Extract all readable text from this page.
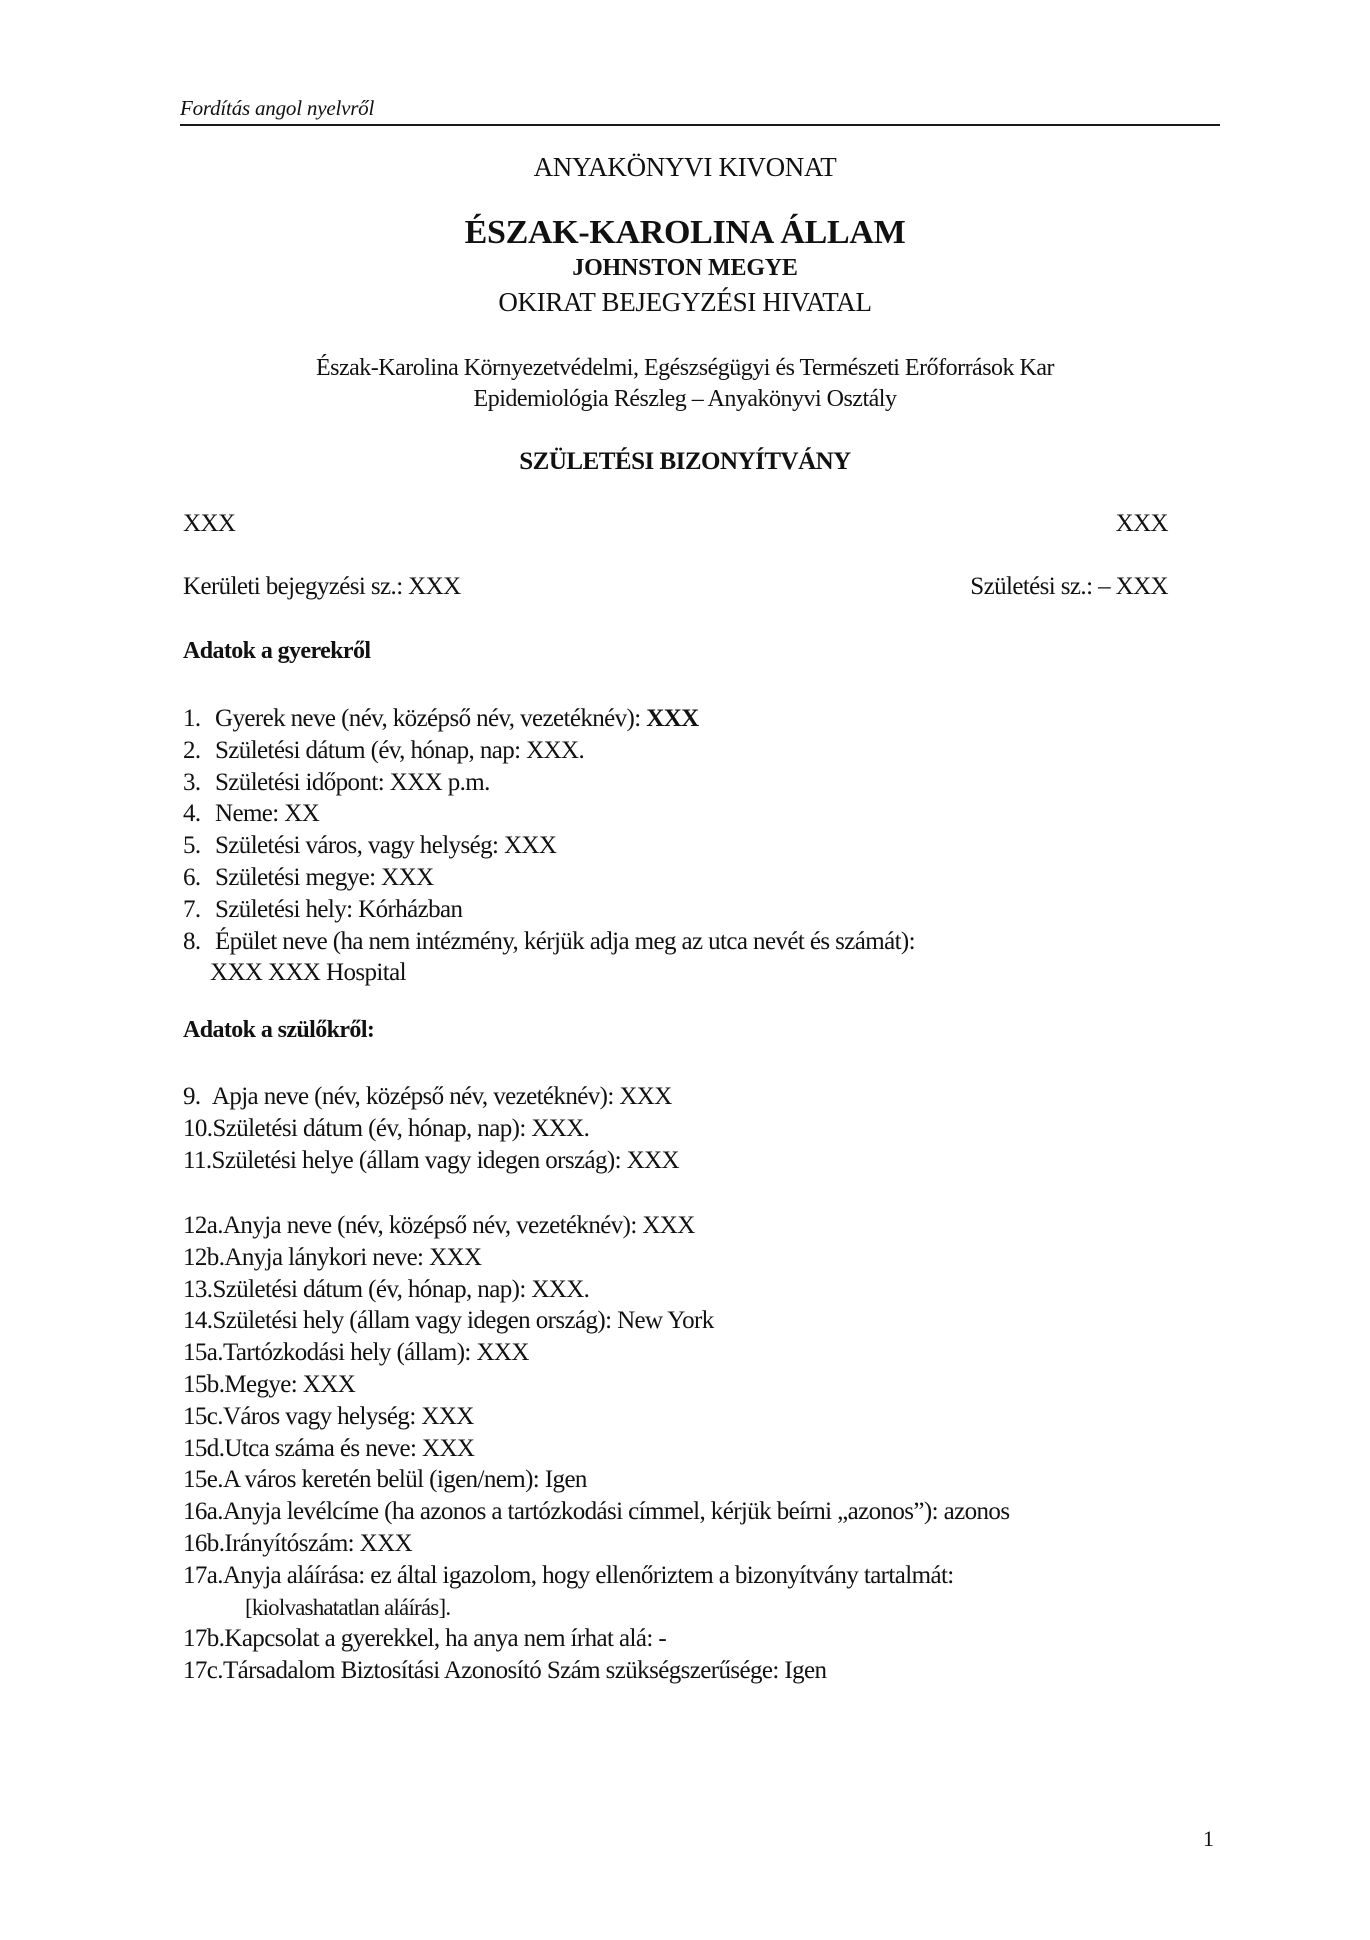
Fordítás angol nyelvről
ANYAKÖNYVI KIVONAT
ÉSZAK-KAROLINA ÁLLAM
JOHNSTON MEGYE
OKIRAT BEJEGYZÉSI HIVATAL
Észak-Karolina Környezetvédelmi, Egészségügyi és Természeti Erőforrások Kar
Epidemiológia Részleg – Anyakönyvi Osztály
SZÜLETÉSI BIZONYÍTVÁNY
XXX	XXX
Kerületi bejegyzési sz.: XXX	Születési sz.: – XXX
Adatok a gyerekről
1. Gyerek neve (név, középső név, vezetéknév): XXX
2. Születési dátum (év, hónap, nap: XXX.
3. Születési időpont: XXX p.m.
4. Neme: XX
5. Születési város, vagy helység: XXX
6. Születési megye: XXX
7. Születési hely: Kórházban
8. Épület neve (ha nem intézmény, kérjük adja meg az utca nevét és számát):
XXX XXX Hospital
Adatok a szülőkről:
9.  Apja neve (név, középső név, vezetéknév): XXX
10.Születési dátum (év, hónap, nap): XXX.
11.Születési helye (állam vagy idegen ország): XXX
12a.Anyja neve (név, középső név, vezetéknév): XXX
12b.Anyja lánykori neve: XXX
13.Születési dátum (év, hónap, nap): XXX.
14.Születési hely (állam vagy idegen ország): New York
15a.Tartózkodási hely (állam): XXX
15b.Megye: XXX
15c.Város vagy helység: XXX
15d.Utca száma és neve: XXX
15e.A város keretén belül (igen/nem): Igen
16a.Anyja levélcíme (ha azonos a tartózkodási címmel, kérjük beírni „azonos”): azonos
16b.Irányítószám: XXX
17a.Anyja aláírása: ez által igazolom, hogy ellenőriztem a bizonyítvány tartalmát:
[kiolvashatatlan aláírás].
17b.Kapcsolat a gyerekkel, ha anya nem írhat alá: -
17c.Társadalom Biztosítási Azonosító Szám szükségszerűsége: Igen
1
